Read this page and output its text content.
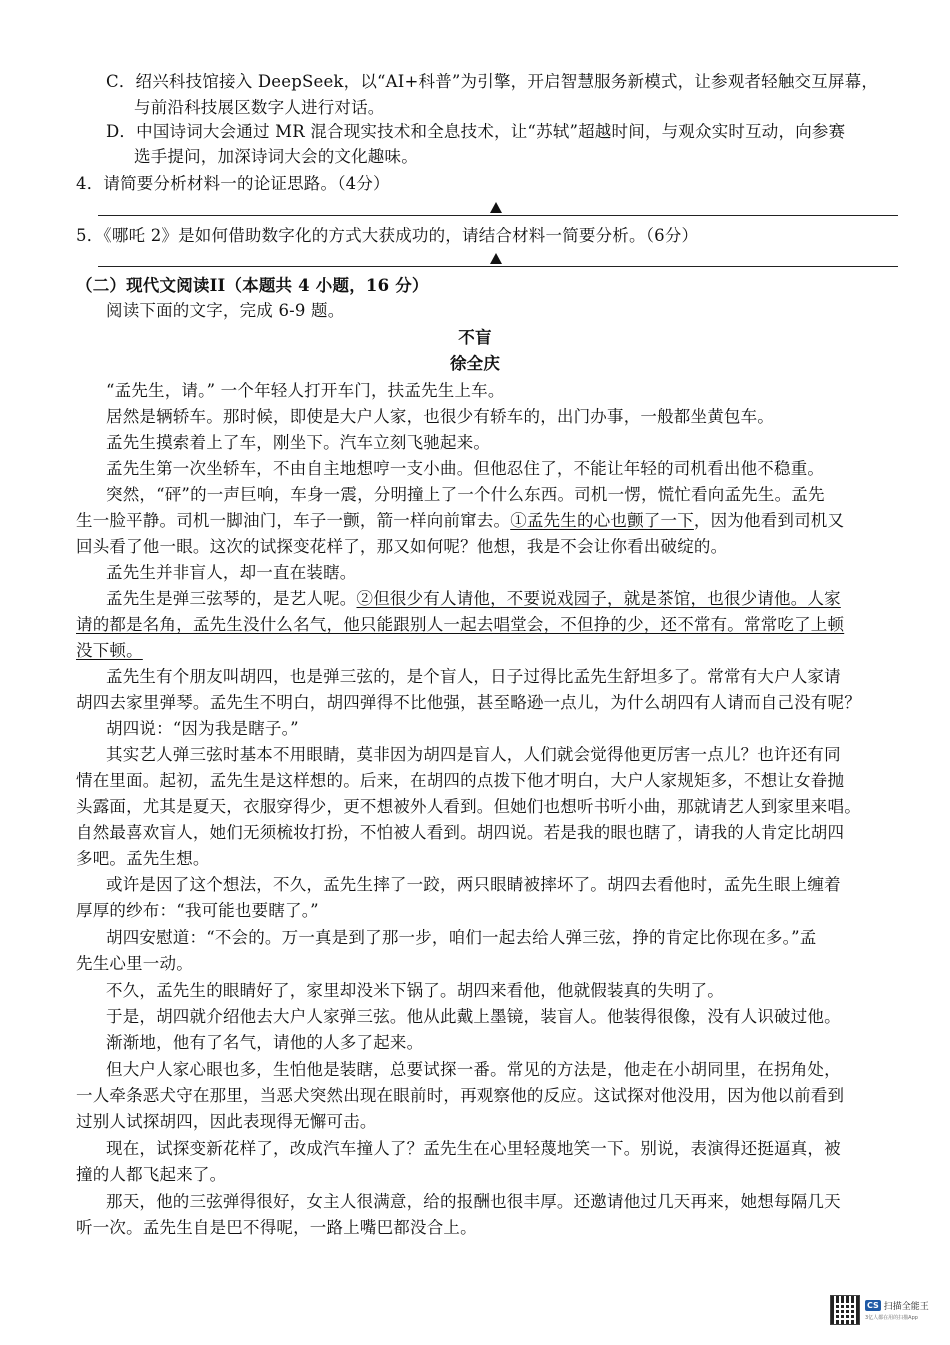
C．绍兴科技馆接入 DeepSeek，以“AI+科普”为引擎，开启智慧服务新模式，让参观者轻触交互屏幕，
与前沿科技展区数字人进行对话。
D．中国诗词大会通过 MR 混合现实技术和全息技术，让“苏轼”超越时间，与观众实时互动，向参赛
选手提问，加深诗词大会的文化趣味。
4．请简要分析材料一的论证思路。（4分）
5．《哪吒 2》是如何借助数字化的方式大获成功的，请结合材料一简要分析。（6分）
（二）现代文阅读II（本题共 4 小题，16 分）
阅读下面的文字，完成 6-9 题。
不盲
徐全庆
“孟先生，请。” 一个年轻人打开车门，扶孟先生上车。
居然是辆轿车。那时候，即使是大户人家，也很少有轿车的，出门办事，一般都坐黄包车。
孟先生摸索着上了车，刚坐下。汽车立刻飞驰起来。
孟先生第一次坐轿车，不由自主地想哼一支小曲。但他忍住了，不能让年轻的司机看出他不稳重。
突然，“砰”的一声巨响，车身一震，分明撞上了一个什么东西。司机一愣，慌忙看向孟先生。孟先
生一脸平静。司机一脚油门，车子一颤，箭一样向前窜去。①孟先生的心也颤了一下，因为他看到司机又
回头看了他一眼。这次的试探变花样了，那又如何呢？他想，我是不会让你看出破绽的。
孟先生并非盲人，却一直在装瞎。
孟先生是弹三弦琴的，是艺人呢。②但很少有人请他，不要说戏园子，就是茶馆，也很少请他。人家
请的都是名角，孟先生没什么名气，他只能跟别人一起去唱堂会，不但挣的少，还不常有。常常吃了上顿
没下顿。
孟先生有个朋友叫胡四，也是弹三弦的，是个盲人，日子过得比孟先生舒坦多了。常常有大户人家请
胡四去家里弹琴。孟先生不明白，胡四弹得不比他强，甚至略逊一点儿，为什么胡四有人请而自己没有呢？
胡四说：“因为我是瞎子。”
其实艺人弹三弦时基本不用眼睛，莫非因为胡四是盲人，人们就会觉得他更厉害一点儿？也许还有同
情在里面。起初，孟先生是这样想的。后来，在胡四的点拨下他才明白，大户人家规矩多，不想让女眷抛
头露面，尤其是夏天，衣服穿得少，更不想被外人看到。但她们也想听书听小曲，那就请艺人到家里来唱。
自然最喜欢盲人，她们无须梳妆打扮，不怕被人看到。胡四说。若是我的眼也瞎了，请我的人肯定比胡四
多吧。孟先生想。
或许是因了这个想法，不久，孟先生摔了一跤，两只眼睛被摔坏了。胡四去看他时，孟先生眼上缠着
厚厚的纱布：“我可能也要瞎了。”
胡四安慰道：“不会的。万一真是到了那一步，咱们一起去给人弹三弦，挣的肯定比你现在多。”孟
先生心里一动。
不久，孟先生的眼睛好了，家里却没米下锅了。胡四来看他，他就假装真的失明了。
于是，胡四就介绍他去大户人家弹三弦。他从此戴上墨镜，装盲人。他装得很像，没有人识破过他。
渐渐地，他有了名气，请他的人多了起来。
但大户人家心眼也多，生怕他是装瞎，总要试探一番。常见的方法是，他走在小胡同里，在拐角处，
一人牵条恶犬守在那里，当恶犬突然出现在眼前时，再观察他的反应。这试探对他没用，因为他以前看到
过别人试探胡四，因此表现得无懈可击。
现在，试探变新花样了，改成汽车撞人了？孟先生在心里轻蔑地笑一下。别说，表演得还挺逼真，被
撞的人都飞起来了。
那天，他的三弦弹得很好，女主人很满意，给的报酬也很丰厚。还邀请他过几天再来，她想每隔几天
听一次。孟先生自是巴不得呢，一路上嘴巴都没合上。
CS 扫描全能王
3亿人都在用的扫描App
